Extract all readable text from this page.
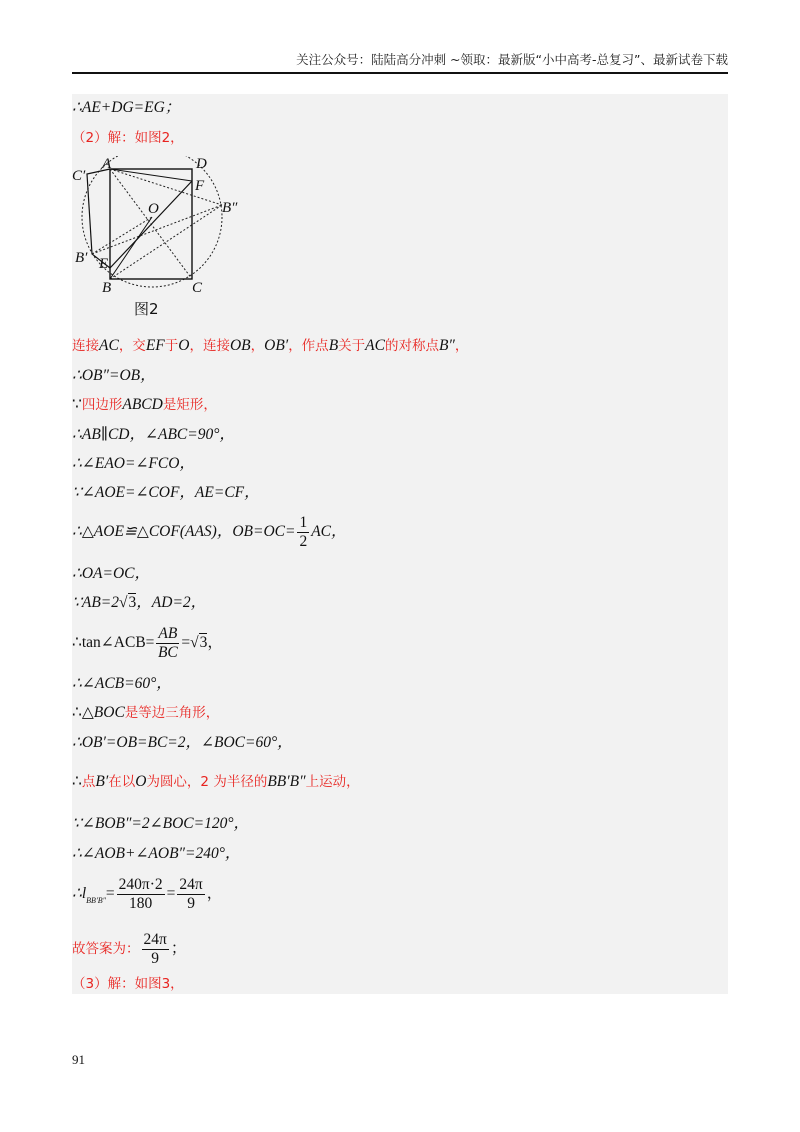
关注公众号：陆陆高分冲刺 ~领取：最新版“小中高考-总复习”、最新试卷下载
∴AE+DG=EG；
（2）解：如图2，
A	D
F
C′
O	B″
B′ E
B	C
图2
连接AC，交EF于O，连接OB，OB′，作点B关于AC的对称点B″，
∴OB″=OB，
∵四边形ABCD是矩形，
∴AB∥CD，∠ABC=90°，
∴∠EAO=∠FCO，
∵∠AOE=∠COF，AE=CF，
∴△AOE≌△COF(AAS)，$OB=OC= \frac{1}{2}$ AC，
∴OA=OC，
∵AB=2√3，AD=2，
∴tan∠ACB= $\frac{AB}{BC} =√3$，
∴∠ACB=60°，
∴△BOC是等边三角形，
∴OB′=OB=BC=2，∠BOC=60°，
∴点B′在以O为圆心，2 为半径的BB′B″上运动，
∵∠BOB″=2∠BOC=120°，
∴∠AOB+∠AOB″=240°，
$\therefore l_{BB'B''}= \frac{240\pi\cdot 2}{180} = \frac{24\pi}{9}$ ，
故答案为： $\frac{24\pi}{9}$ ；
（3）解：如图3，
91
